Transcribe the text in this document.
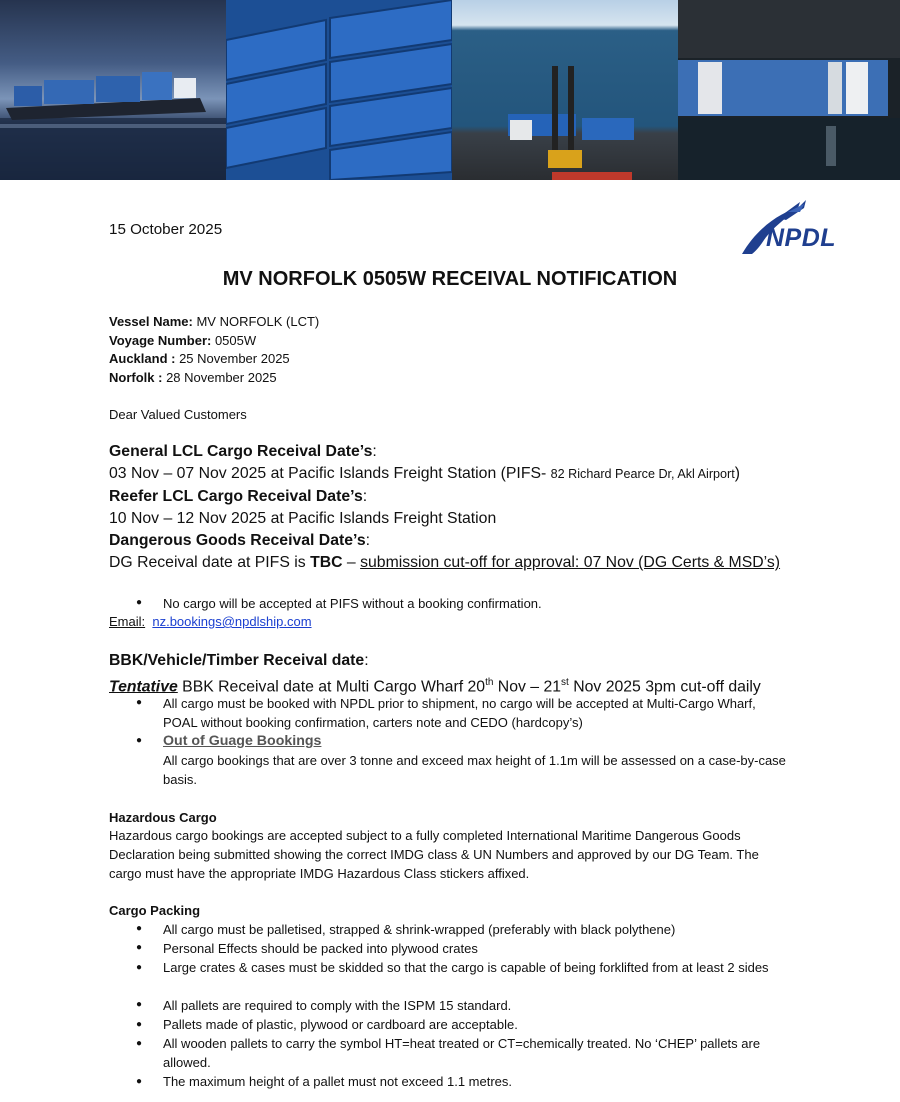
15 October 2025	NPDL
MV NORFOLK 0505W RECEIVAL NOTIFICATION
Vessel Name: MV NORFOLK (LCT)
Voyage Number: 0505W
Auckland : 25 November 2025
Norfolk : 28 November 2025
Dear Valued Customers
General LCL Cargo Receival Date’s:
03 Nov – 07 Nov 2025 at Pacific Islands Freight Station (PIFS- 82 Richard Pearce Dr, Akl Airport)
Reefer LCL Cargo Receival Date’s:
10 Nov – 12 Nov 2025 at Pacific Islands Freight Station
Dangerous Goods Receival Date’s:
DG Receival date at PIFS is TBC – submission cut-off for approval: 07 Nov (DG Certs & MSD’s)
● No cargo will be accepted at PIFS without a booking confirmation.
Email: nz.bookings@npdlship.com
BBK/Vehicle/Timber Receival date:
Tentative BBK Receival date at Multi Cargo Wharf 20th Nov – 21st Nov 2025 3pm cut-off daily
● All cargo must be booked with NPDL prior to shipment, no cargo will be accepted at Multi-Cargo Wharf, POAL without booking confirmation, carters note and CEDO (hardcopy’s)
● Out of Guage Bookings
All cargo bookings that are over 3 tonne and exceed max height of 1.1m will be assessed on a case-by-case basis.
Hazardous Cargo
Hazardous cargo bookings are accepted subject to a fully completed International Maritime Dangerous Goods Declaration being submitted showing the correct IMDG class & UN Numbers and approved by our DG Team. The cargo must have the appropriate IMDG Hazardous Class stickers affixed.
Cargo Packing
● All cargo must be palletised, strapped & shrink-wrapped (preferably with black polythene)
● Personal Effects should be packed into plywood crates
● Large crates & cases must be skidded so that the cargo is capable of being forklifted from at least 2 sides
● All pallets are required to comply with the ISPM 15 standard.
● Pallets made of plastic, plywood or cardboard are acceptable.
● All wooden pallets to carry the symbol HT=heat treated or CT=chemically treated. No ‘CHEP’ pallets are allowed.
● The maximum height of a pallet must not exceed 1.1 metres.
